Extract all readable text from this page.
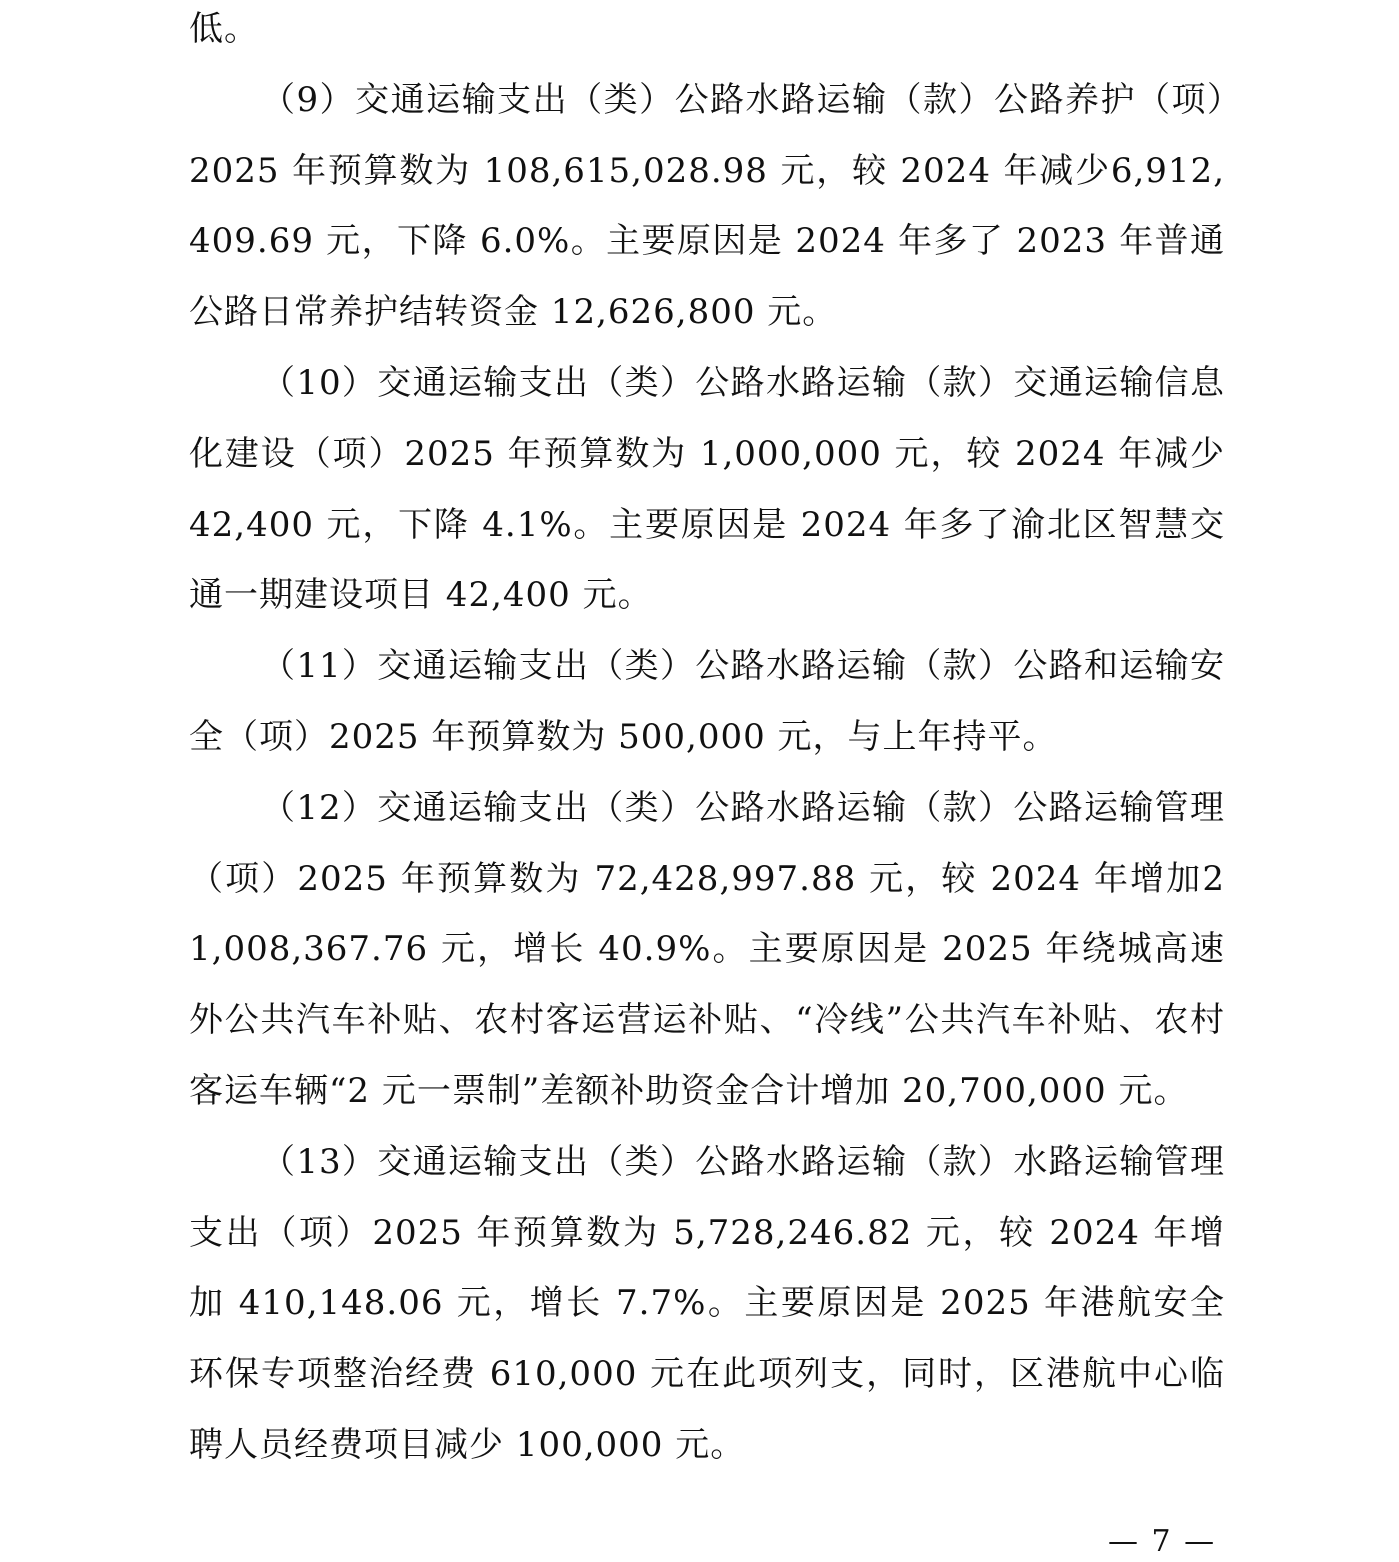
低。

（9）交通运输支出（类）公路水路运输（款）公路养护（项）2025 年预算数为 108,615,028.98 元，较 2024 年减少6,912,409.69 元，下降 6.0%。主要原因是 2024 年多了 2023 年普通公路日常养护结转资金 12,626,800 元。

（10）交通运输支出（类）公路水路运输（款）交通运输信息化建设（项）2025 年预算数为 1,000,000 元，较 2024 年减少42,400 元，下降 4.1%。主要原因是 2024 年多了渝北区智慧交通一期建设项目 42,400 元。

（11）交通运输支出（类）公路水路运输（款）公路和运输安全（项）2025 年预算数为 500,000 元，与上年持平。

（12）交通运输支出（类）公路水路运输（款）公路运输管理（项）2025 年预算数为 72,428,997.88 元，较 2024 年增加21,008,367.76 元，增长 40.9%。主要原因是 2025 年绕城高速外公共汽车补贴、农村客运营运补贴、“冷线”公共汽车补贴、农村客运车辆“2 元一票制”差额补助资金合计增加 20,700,000 元。

（13）交通运输支出（类）公路水路运输（款）水路运输管理支出（项）2025 年预算数为 5,728,246.82 元，较 2024 年增加 410,148.06 元，增长 7.7%。主要原因是 2025 年港航安全环保专项整治经费 610,000 元在此项列支，同时，区港航中心临聘人员经费项目减少 100,000 元。

— 7 —
